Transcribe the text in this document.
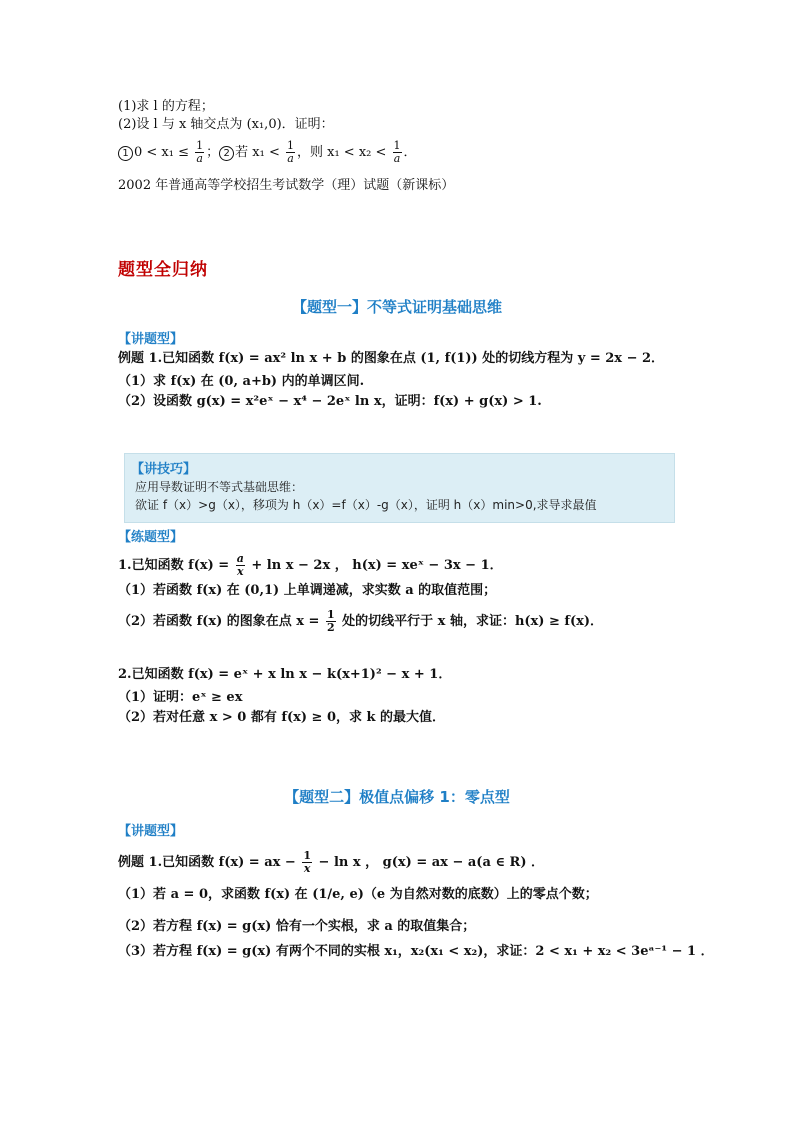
(1)求 l 的方程；
(2)设 l 与 x 轴交点为 (x₁,0)．证明：
1 $0 < x_1 \le \frac{1}{a}$ ； 2 若 $x_1 < \frac{1}{a}$ ，则 $x_1 < x_2 < \frac{1}{a}$ ．
2002 年普通高等学校招生考试数学（理）试题（新课标）
题型全归纳
【题型一】不等式证明基础思维
【讲题型】
例题 1.已知函数 f(x) = ax² ln x + b 的图象在点 (1, f(1)) 处的切线方程为 y = 2x − 2．
（1）求 f(x) 在 (0, a+b) 内的单调区间.
（2）设函数 g(x) = x²eˣ − x⁴ − 2eˣ ln x，证明：f(x) + g(x) > 1.
【讲技巧】
应用导数证明不等式基础思维：
欲证 f（x）>g（x），移项为 h（x）=f（x）-g（x），证明 h（x）min>0,求导求最值
【练题型】
1.已知函数 $f(x) = \frac{a}{x} + \ln x - 2x$ ， h(x) = xeˣ − 3x − 1．
（1）若函数 f(x) 在 (0,1) 上单调递减，求实数 a 的取值范围；
（2）若函数 f(x) 的图象在点 $x = \frac{1}{2}$ 处的切线平行于 x 轴，求证：h(x) ≥ f(x)．
2.已知函数 f(x) = eˣ + x ln x − k(x+1)² − x + 1．
（1）证明：eˣ ≥ ex
（2）若对任意 x > 0 都有 f(x) ≥ 0，求 k 的最大值．
【题型二】极值点偏移 1：零点型
【讲题型】
例题 1.已知函数 f(x) = ax − $\frac{1}{x} - \ln x$ ， g(x) = ax − a(a ∈ R) ．
（1）若 a = 0，求函数 f(x) 在 (1/e, e)（e 为自然对数的底数）上的零点个数；
（2）若方程 f(x) = g(x) 恰有一个实根，求 a 的取值集合；
（3）若方程 f(x) = g(x) 有两个不同的实根 x₁，x₂(x₁ < x₂)，求证：2 < x₁ + x₂ < 3eᵃ⁻¹ − 1 ．
